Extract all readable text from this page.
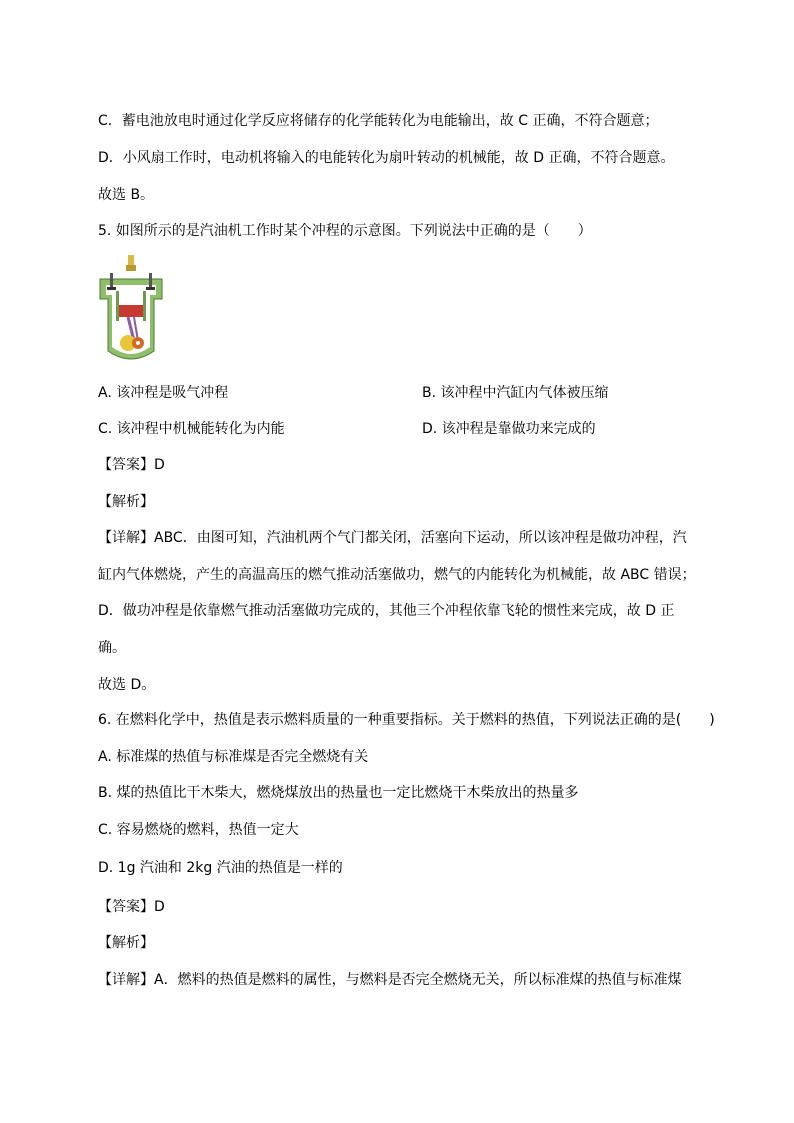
C．蓄电池放电时通过化学反应将储存的化学能转化为电能输出，故 C 正确，不符合题意；
D．小风扇工作时，电动机将输入的电能转化为扇叶转动的机械能，故 D 正确，不符合题意。
故选 B。
5. 如图所示的是汽油机工作时某个冲程的示意图。下列说法中正确的是（　　）
A. 该冲程是吸气冲程	B. 该冲程中汽缸内气体被压缩
C. 该冲程中机械能转化为内能	D. 该冲程是靠做功来完成的
【答案】D
【解析】
【详解】ABC．由图可知，汽油机两个气门都关闭，活塞向下运动，所以该冲程是做功冲程，汽
缸内气体燃烧，产生的高温高压的燃气推动活塞做功，燃气的内能转化为机械能，故 ABC 错误；
D．做功冲程是依靠燃气推动活塞做功完成的，其他三个冲程依靠飞轮的惯性来完成，故 D 正
确。
故选 D。
6. 在燃料化学中，热值是表示燃料质量的一种重要指标。关于燃料的热值，下列说法正确的是(　　)
A. 标准煤的热值与标准煤是否完全燃烧有关
B. 煤的热值比干木柴大，燃烧煤放出的热量也一定比燃烧干木柴放出的热量多
C. 容易燃烧的燃料，热值一定大
D. 1g 汽油和 2kg 汽油的热值是一样的
【答案】D
【解析】
【详解】A．燃料的热值是燃料的属性，与燃料是否完全燃烧无关，所以标准煤的热值与标准煤
